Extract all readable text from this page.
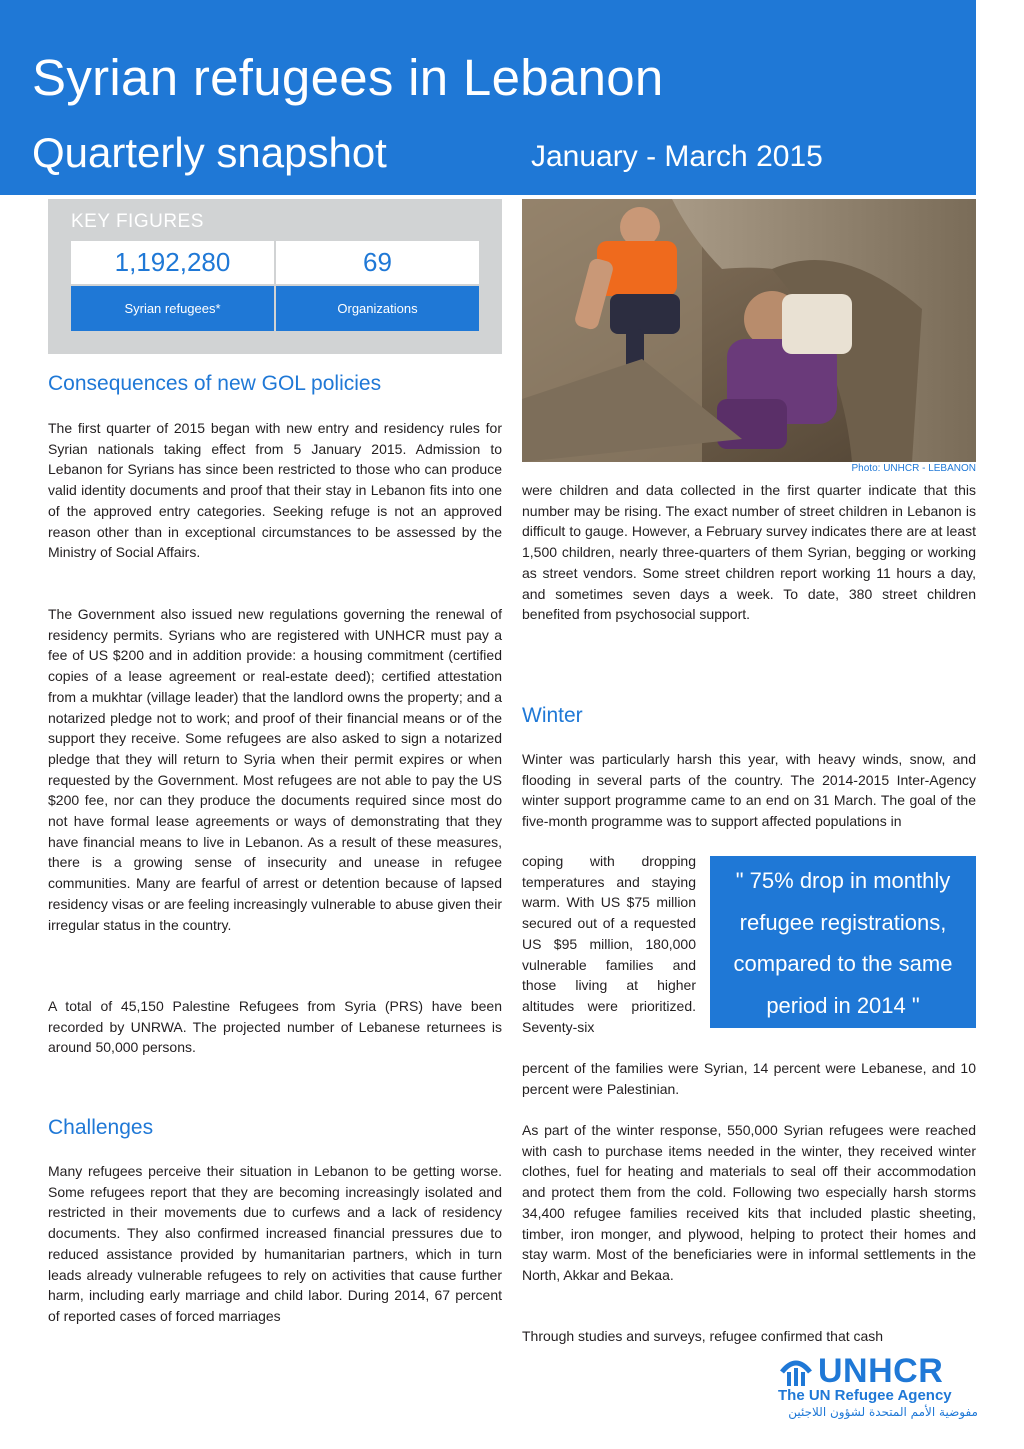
Syrian refugees in Lebanon
Quarterly snapshot	January - March 2015
KEY FIGURES
1,192,280
Syrian refugees*
69
Organizations
Photo: UNHCR - LEBANON
Consequences of new GOL policies

The first quarter of 2015 began with new entry and residency rules for Syrian nationals taking effect from 5 January 2015. Admission to Lebanon for Syrians has since been restricted to those who can produce valid identity documents and proof that their stay in Lebanon fits into one of the approved entry categories. Seeking refuge is not an approved reason other than in exceptional circumstances to be assessed by the Ministry of Social Affairs.

The Government also issued new regulations governing the renewal of residency permits. Syrians who are registered with UNHCR must pay a fee of US $200 and in addition provide: a housing commitment (certified copies of a lease agreement or real-estate deed); certified attestation from a mukhtar (village leader) that the landlord owns the property; and a notarized pledge not to work; and proof of their financial means or of the support they receive. Some refugees are also asked to sign a notarized pledge that they will return to Syria when their permit expires or when requested by the Government. Most refugees are not able to pay the US $200 fee, nor can they produce the documents required since most do not have formal lease agreements or ways of demonstrating that they have financial means to live in Lebanon. As a result of these measures, there is a growing sense of insecurity and unease in refugee communities. Many are fearful of arrest or detention because of lapsed residency visas or are feeling increasingly vulnerable to abuse given their irregular status in the country.

A total of 45,150 Palestine Refugees from Syria (PRS) have been recorded by UNRWA. The projected number of Lebanese returnees is around 50,000 persons.

Challenges

Many refugees perceive their situation in Lebanon to be getting worse. Some refugees report that they are becoming increasingly isolated and restricted in their movements due to curfews and a lack of residency documents. They also confirmed increased financial pressures due to reduced assistance provided by humanitarian partners, which in turn leads already vulnerable refugees to rely on activities that cause further harm, including early marriage and child labor. During 2014, 67 percent of reported cases of forced marriages

were children and data collected in the first quarter indicate that this number may be rising. The exact number of street children in Lebanon is difficult to gauge. However, a February survey indicates there are at least 1,500 children, nearly three-quarters of them Syrian, begging or working as street vendors. Some street children report working 11 hours a day, and sometimes seven days a week. To date, 380 street children benefited from psychosocial support.

Winter

Winter was particularly harsh this year, with heavy winds, snow, and flooding in several parts of the country. The 2014-2015 Inter-Agency winter support programme came to an end on 31 March. The goal of the five-month programme was to support affected populations in

coping with dropping temperatures and staying warm. With US $75 million secured out of a requested US $95 million, 180,000 vulnerable families and those living at higher altitudes were prioritized. Seventy-six

percent of the families were Syrian, 14 percent were Lebanese, and 10 percent were Palestinian.

" 75% drop in monthly refugee registrations, compared to the same period in 2014 "

As part of the winter response, 550,000 Syrian refugees were reached with cash to purchase items needed in the winter, they received winter clothes, fuel for heating and materials to seal off their accommodation and protect them from the cold. Following two especially harsh storms 34,400 refugee families received kits that included plastic sheeting, timber, iron monger, and plywood, helping to protect their homes and stay warm. Most of the beneficiaries were in informal settlements in the North, Akkar and Bekaa.

Through studies and surveys, refugee confirmed that cash

UNHCR
The UN Refugee Agency
مفوضية الأمم المتحدة لشؤون اللاجئين
